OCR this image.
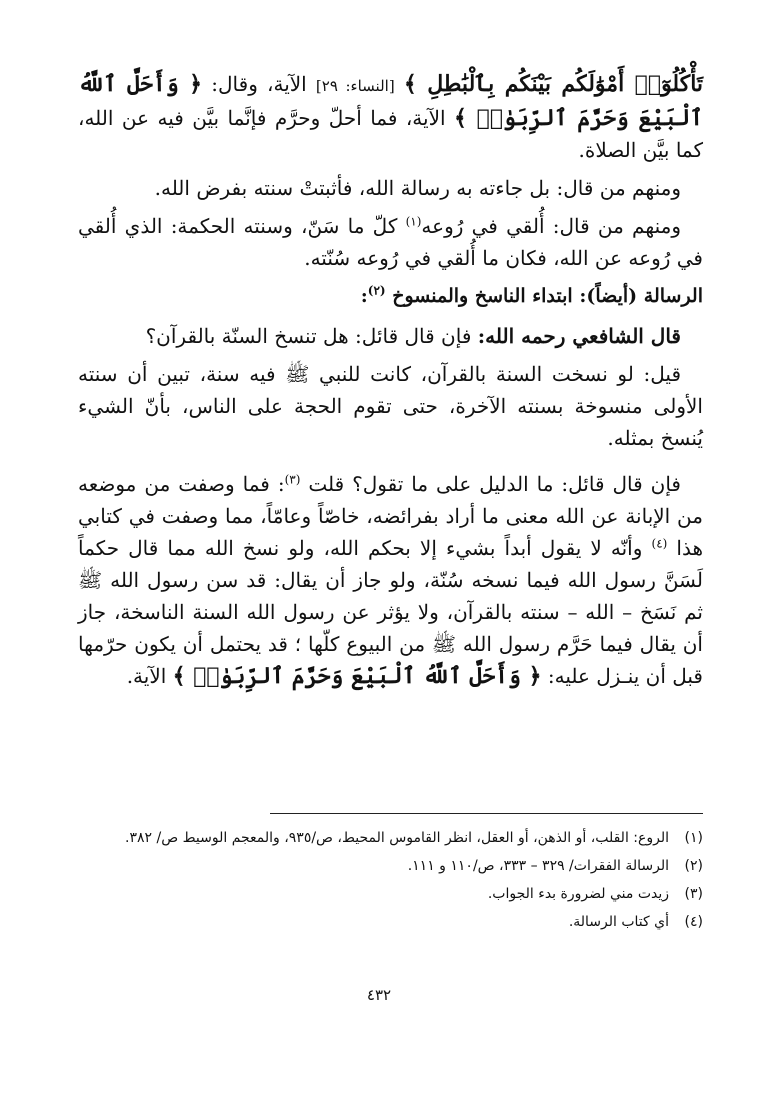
تَأْكُلُوٓا۟ أَمْوَٰلَكُم بَيْنَكُم بِٱلْبَٰطِلِ ﴾ [النساء: ٢٩] الآية، وقال: ﴿ وَأَحَلَّ ٱللَّهُ ٱلْبَيْعَ وَحَرَّمَ ٱلرِّبَوٰا۟ ﴾ الآية، فما أحلّ وحرَّم فإنَّما بيَّن فيه عن الله، كما بيَّن الصلاة.

ومنهم من قال: بل جاءته به رسالة الله، فأثبتتْ سنته بفرض الله.

ومنهم من قال: أُلقي في رُوعه$^{(١)}$ كلّ ما سَنّ، وسنته الحكمة: الذي أُلقي في رُوعه عن الله، فكان ما أُلقي في رُوعه سُنّته.

الرسالة (أيضاً): ابتداء الناسخ والمنسوخ $^{(٢)}$:

قال الشافعي رحمه الله: فإن قال قائل: هل تنسخ السنّة بالقرآن؟

قيل: لو نسخت السنة بالقرآن، كانت للنبي ﷺ فيه سنة، تبين أن سنته الأولى منسوخة بسنته الآخرة، حتى تقوم الحجة على الناس، بأنّ الشيء يُنسخ بمثله.

فإن قال قائل: ما الدليل على ما تقول؟ قلت $^{(٣)}$: فما وصفت من موضعه من الإبانة عن الله معنى ما أراد بفرائضه، خاصّاً وعامّاً، مما وصفت في كتابي هذا $^{(٤)}$ وأنّه لا يقول أبداً بشيء إلا بحكم الله، ولو نسخ الله مما قال حكماً لَسَنَّ رسول الله فيما نسخه سُنّة، ولو جاز أن يقال: قد سن رسول الله ﷺ ثم نَسَخ – الله – سنته بالقرآن، ولا يؤثر عن رسول الله السنة الناسخة، جاز أن يقال فيما حَرَّم رسول الله ﷺ من البيوع كلّها ؛ قد يحتمل أن يكون حرّمها قبل أن ينـزل عليه: ﴿ وَأَحَلَّ ٱللَّهُ ٱلْبَيْعَ وَحَرَّمَ ٱلرِّبَوٰا۟ ﴾ الآية.

(١)
الروع: القلب، أو الذهن، أو العقل، انظر القاموس المحيط، ص/٩٣٥، والمعجم الوسيط ص/ ٣٨٢.
(٢)
الرسالة الفقرات/ ٣٢٩ – ٣٣٣، ص/١١٠ و ١١١.
(٣)
زيدت مني لضرورة بدء الجواب.
(٤)
أي كتاب الرسالة.
٤٣٢
